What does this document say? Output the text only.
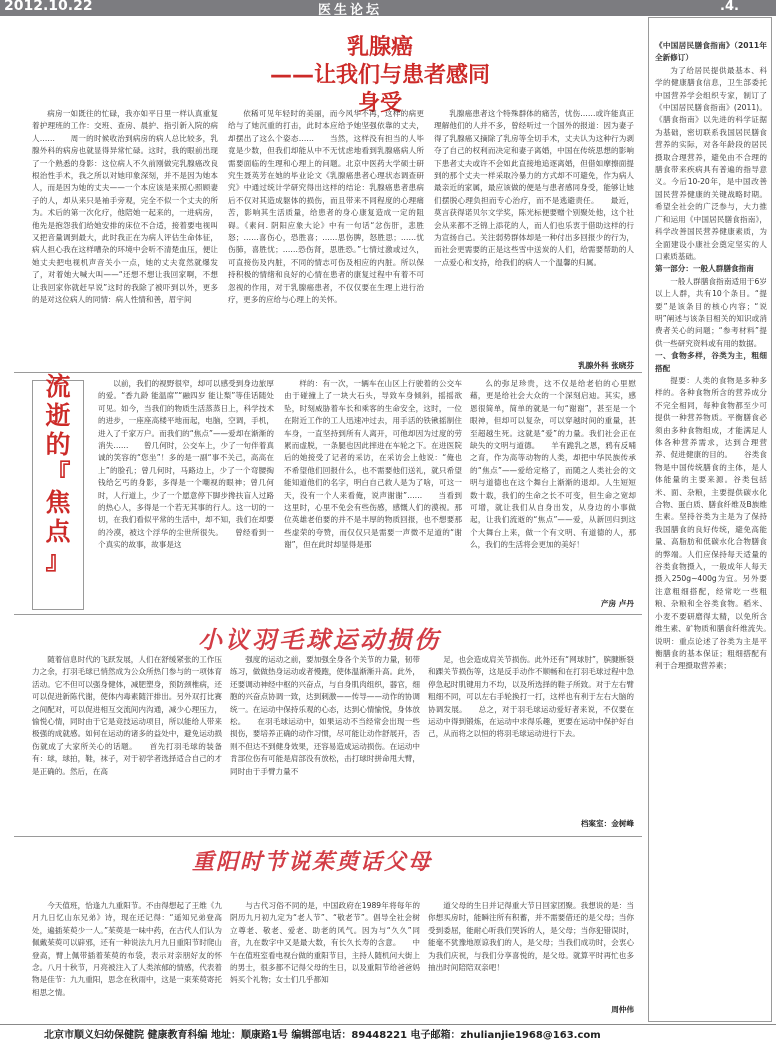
2012.10.22	医生论坛	.4.
乳腺癌
——让我们与患者感同身受

病房一如既往的忙碌，我亦如平日里一样认真重复着护理班的工作：交班、查房、晨护、指引新入院的病人……　　周一的时候收治到病房的病人总比较多，乳腺外科的病房也就显得异常忙碌。这时，我的眼前出现了一个熟悉的身影：这位病人不久前刚做完乳腺癌改良根治性手术，我之所以对她印象深刻，并不是因为她本人，而是因为她的丈夫——一个本应该是来照心照顾妻子的人，却从来只是袖手旁观，完全不似一个丈夫的所为。术后的第一次化疗，他陪她一起来的，一进病房，他先是抱怨我们给她安排的床位不合适，接着要电视叫又把音量调到最大，此时我正在为病人评估生命体征，病人担心我在这样嘈杂的环境中会听不清楚血压，便让她丈夫把电视机声音关小一点，她的丈夫竟然就爆发了，对着她大喊大叫——“还想不想让我回家啊，不想让我回家你就赶早说”这时的我除了被吓到以外，更多的是对这位病人的同情：病人性情和善，眉宇间

依稀可见年轻时的美丽，而今风华不再，这样的病更给与了她沉重的打击，此时本应给予她坚强依靠的丈夫，却摆出了这么个姿态……　　当然，这样没有担当的人毕竟是少数，但我们却能从中不无忧虑地看到乳腺癌病人所需要面临的生理和心理上的问题。北京中医药大学硕士研究生聂英芳在她的毕业论文《乳腺癌患者心理状态调查研究》中通过统计学研究得出这样的结论：乳腺癌患者患病后不仅对其造成躯体的损伤，而且带来不同程度的心理痛苦，影响其生活质量，给患者的身心康复造成一定的阻碍。《素问. 阴阳应象大论》中有一句话“忿伤肝，悲胜怒；……喜伤心，恐胜喜；……思伤脾，怒胜思；……忧伤肺，喜胜忧；……恐伤肾，思胜恐。”七情过激或过久，可直接伤及内脏，不同的情志可伤及相应的内脏。所以保持积极的情绪和良好的心情在患者的康复过程中有着不可忽视的作用，对于乳腺癌患者，不仅仅要在生理上进行治疗，更多的应给与心理上的关怀。

乳腺癌患者这个特殊群体的痛苦，忧伤……或许能真正理解他们的人并不多，曾经听过一个国外的报道：因为妻子得了乳腺癌又摘除了乳房等全切手术，丈夫认为这种行为剥夺了自己的权利而决定和妻子离婚，中国在传统思想的影响下患者丈夫或许不会如此直接地追逐离婚，但借如摩擦面提到的那个丈夫一样采取冷暴力的方式却不可避免，作为病人最亲近的家属，最应该做的便是与患者感同身受，能够让她们摆脱心理负担而专心治疗，而不是逃避责任。　　最近，莫言获得诺贝尔文学奖，陈光标便要赠个别聚处他，这个社会从来都不乏锦上添花的人，而人们也乐衷于借助这样的行为宣扬自己。关注弱势群体却是一种付出多回报少的行为，而社会更需要的正是这些雪中送炭的人们，给需要帮助的人一点爱心和支持，给我们的病人一个温馨的归属。

乳腺外科 张晓芬
流
逝
的
『
焦
点
』

以前，我们的视野很窄，却可以感受到身边旅厚的爱。“香九龄 能温席”“融四岁 能让梨”等佳话随处可见。如今，当我们的物质生活蒸蒸日上，科学技术的进步，一座座高楼平地而起，电脑，空调，手机，进入了千家万户。而我们的“焦点”——爱却在渐渐的消失……　　曾几何时，公交车上，少了一句伴着真诚的笑容的“您坐”！多的是一副“事不关己，高高在上”的脸孔；曾几何时，马路边上，少了一个弯腰掏钱给乞丐的身影，多得是一个嘲视的眼神；曾几何时，人行道上，少了一个愿意停下脚步搀扶盲人过路的热心人，多得是一个若无其事的行人。这一切的一切，在我们看似平常的生活中，却不知，我们在却要的冷漠，被这个浮华的尘世所很失。　　曾经看到一个真实的故事，故事是这

样的：有一次，一辆车在山区上行驶着的公交车由于碰撞上了一块大石头，导致车身倾斜，摇摇欲坠，时刻威胁着车长和乘客的生命安全，这时，一位在附近工作的工人迅速冲过去，用手活的铁锹摇制住车身，一直坚持到所有人离开，可他却因为过度的劳累而虚脱，一条腿也因此摔进在车轮之下。在进医院后的她接受了记者的采访，在采访会上他说：“俺也不希望他们回报什么，也不需要他们送礼，就只希望能知道他们的名字，明白自己救人是为了啥，可这一天，没有一个人来看俺，说声谢谢”……　　当看到这里时，心里不免会有些伤感，感慨人们的漠视。那位英雄老伯要的并不是丰厚的物质回报，也不想要那些虚荣的夸赞，而仅仅只是需要一声微不足道的“谢谢”，但在此时却显得是那

么的弥足珍贵，这不仅是给老伯的心里慰藉，更是给社会大众的一个深刻启迪。其实，感恩很简单，简单的就是一句“谢谢”，甚至是一个眼神，但却可以复杂，可以穿越时间的重量，甚至超越生死。这就是“爱”的力量。我们社会正在缺失的文明与道德。　　羊有跪乳之恩，鸦有反哺之育，作为高等动物的人类，却把中华民族传承的“焦点”——爱给定格了，而随之人类社会的文明与道德也在这个舞台上渐渐的退却。人生短短数十载，我们的生命之长不可变，但生命之宽却可增，就让我们从自身出发，从身边的小事做起，让我们流逝的“焦点”——爱，从新回归到这个大舞台上来，做一个有文明、有道德的人，那么，我们的生活将会更加的美好！

产房 卢丹
小议羽毛球运动损伤

随着信息时代的飞跃发展，人们在舒缓紧张的工作压力之余，打羽毛球已悄然成为公众所热门参与的一项体育活动。它不但可以强身健体，减肥塑身，预防颈椎病，还可以促进新陈代谢，使体内毒素随汗排出。另外双打比赛之间配对，可以促进相互交流间内沟通，减少心理压力，愉悦心情，同时由于它是竞技运动项目，所以能给人带来极强的成就感。如何在运动的诸多的益处中，避免运动损伤就成了大家所关心的话题。　　首先打羽毛球的装备有：球，球拍，鞋，袜子，对于初学者选择适合自己的才是正确的。然后，在高

强度的运动之前，要加强全身各个关节的力量，韧带练习，做做热身运动或者慢跑，使体温渐渐升高。此外，还要调动神经中枢的兴奋点，与自身肌肉组织，器官，细胞的兴奋点协调一致，达到刺激——传导——动作的协调统一。在运动中保持乐观的心态，达到心情愉悦，身体放松。　　在羽毛球运动中，如果运动不当经常会出现一些损伤，要培养正确的动作习惯，尽可能让动作舒展开，否则不但达不到健身效果，还容易造成运动损伤。在运动中肯部位伤有可能是肩部没有放松，击打球时拼命甩大臂，同时由于手臂力量不

足，也会造成肩关节损伤。此外还有“网球肘”，膑腱断裂和踝关节损伤等，这是反手动作不顺畅和在打羽毛球过程中急停急起时肌键用力不均，以及所选择的鞋子所致。对于左右臂粗细不同，可以左右手轮换打一打，这样也有利于左右大脑的协调发展。　　总之，对于羽毛球运动爱好者来说，不仅要在运动中得到锻炼，在运动中求得乐趣，更要在运动中保护好自己，从而将之以恒的将羽毛球运动进行下去。

档案室：金树峰
重阳时节说茱萸话父母

今天值班，恰逢九九重阳节。不由得想起了王维《九月九日忆山东兄弟》诗，现在还记得：“遥知兄弟登高处，遍插茱萸少一人。”茱萸是一味中药，在古代人们认为佩戴茱萸可以辟邪，还有一种说法九月九日重阳节时爬山登高，臂上佩带插着茱萸的布袋，表示对亲朋好友的怀念。八月十秋节，月亮被注入了人类浓郁的情感，代表着物是佳节：九九重阳，思念在秋雨中，这是一束茱萸寄托相思之情。

与古代习俗不同的是，中国政府在1989年将每年的阴历九月初九定为“老人节”、“敬老节”。倡导全社会树立尊老、敬老、爱老、助老的风气。因为与“久久”同音，九在数字中又是最大数，有长久长寿的含意。　　中午在值班室看电视台做的重阳节目，主持人随机问大街上的男士，很多都不记得父母的生日，以及重阳节给爸爸妈妈买个礼物；女士们几乎都知

道父母的生日并记得重大节日回家团聚。我想说的是：当你想买房时，能瞬注所有积蓄，并不需要借还的是父母；当你受到委屈，能耐心听我们哭诉的人，是父母；当你犯错误时，能毫不犹豫地原谅我们的人，是父母；当我们成功时，会衷心为我们庆祝，与我们分享喜悦的，是父母。就算平时再忙也多抽出时间陪陪双亲吧！

周仲伟
《中国居民膳食指南》（2011年全新修订）

为了给居民提供最基本、科学的健康膳食信息，卫生部委托中国营养学会组织专家，制订了《中国居民膳食指南》(2011)。《膳食指南》以先进的科学证据为基础，密切联系我国居民膳食营养的实际，对各年龄段的居民摄取合理营养，避免由不合理的膳食带来疾病具有普遍的指导意义。今后10-20年，是中国改善国民营养健康的关键战略时期。希望全社会的广泛参与，大力推广和运用《中国居民膳食指南》，科学改善国民营养健康素质，为全面建设小康社会奠定坚实的人口素质基础。

第一部分：一般人群膳食指南

一般人群膳食指南适用于6岁以上人群，共有10个条目。“提要”是该条目的核心内容；“说明”阐述与该条目相关的知识或消费者关心的问题；“参考材料”提供一些研究资料或有用的数据。

一、食物多样，谷类为主，粗细搭配

提要：人类的食物是多种多样的。各种食物所含的营养成分不完全相同，每种食物都至少可提供一种营养物质。平衡膳食必须由多种食物组成，才能满足人体各种营养需求，达到合理营养、促进健康的目的。　　谷类食物是中国传统膳食的主体，是人体能量的主要来源。谷类包括米、面、杂粮，主要提供碳水化合物、蛋白质、膳食纤维及B族维生素。坚持谷类为主是为了保持我国膳食的良好传统，避免高能量、高脂肪和低碳水化合物膳食的弊端。人们应保持每天适量的谷类食物摄入，一般成年人每天摄入250g~400g为宜。另外要注意粗细搭配，经常吃一些粗粮、杂粮和全谷类食物。稻米、小麦不要研磨得太精，以免所含维生素、矿物质和膳食纤维流失。　　说明：重点论述了谷类为主是平衡膳食的基本保证；粗细搭配有利于合理摄取营养素；

北京市顺义妇幼保健院 健康教育科编 地址：顺康路1号 编辑部电话：89448221 电子邮箱：zhulianjie1968@163.com
